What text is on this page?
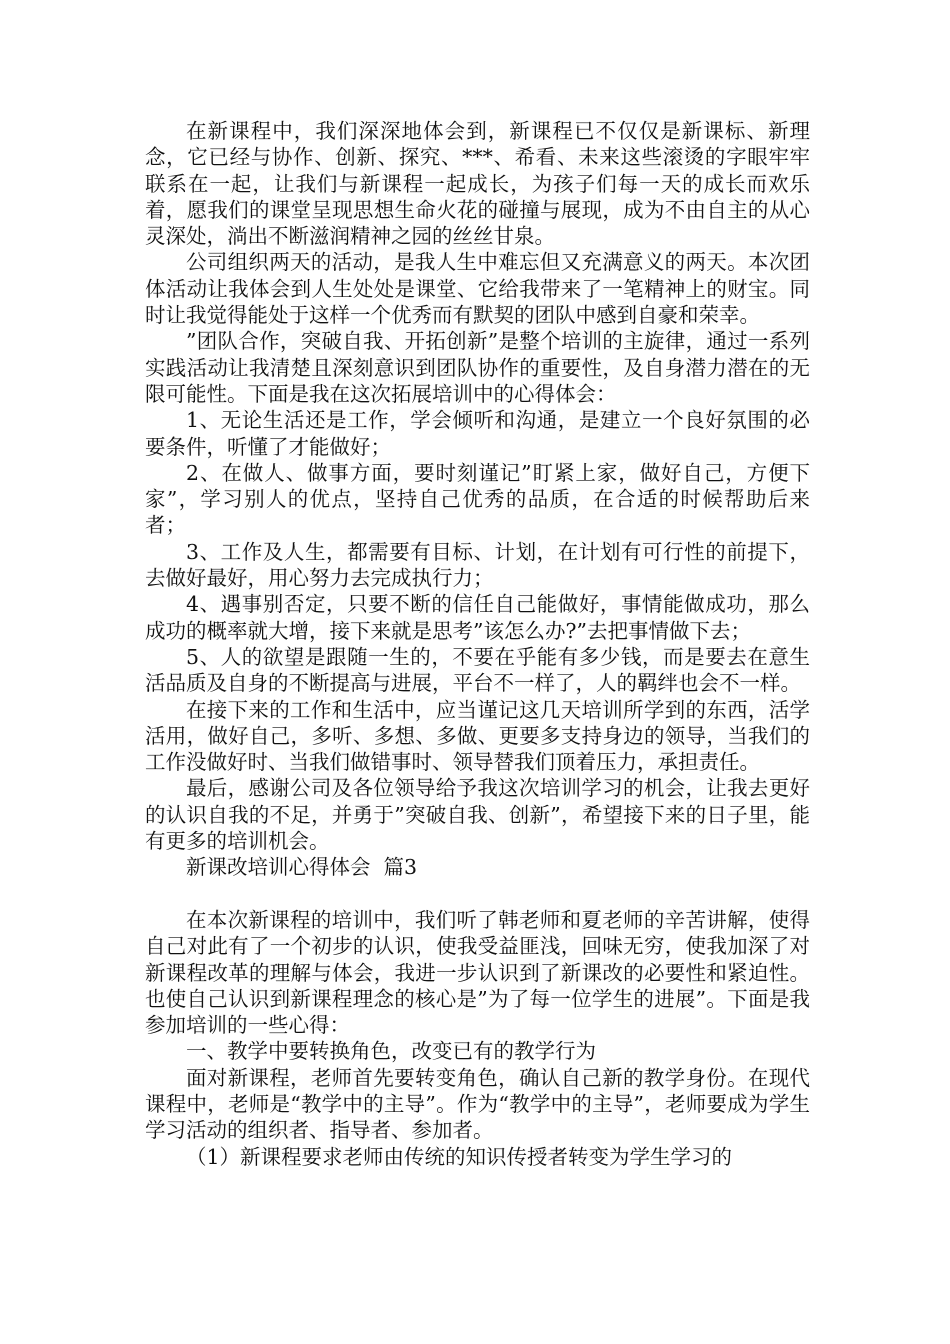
在新课程中，我们深深地体会到，新课程已不仅仅是新课标、新理念，它已经与协作、创新、探究、***、希看、未来这些滚烫的字眼牢牢联系在一起，让我们与新课程一起成长，为孩子们每一天的成长而欢乐着，愿我们的课堂呈现思想生命火花的碰撞与展现，成为不由自主的从心灵深处，淌出不断滋润精神之园的丝丝甘泉。

公司组织两天的活动，是我人生中难忘但又充满意义的两天。本次团体活动让我体会到人生处处是课堂、它给我带来了一笔精神上的财宝。同时让我觉得能处于这样一个优秀而有默契的团队中感到自豪和荣幸。

”团队合作，突破自我、开拓创新”是整个培训的主旋律，通过一系列实践活动让我清楚且深刻意识到团队协作的重要性，及自身潜力潜在的无限可能性。下面是我在这次拓展培训中的心得体会：

1、无论生活还是工作，学会倾听和沟通，是建立一个良好氛围的必要条件，听懂了才能做好；

2、在做人、做事方面，要时刻谨记”盯紧上家，做好自己，方便下家”，学习别人的优点，坚持自己优秀的品质，在合适的时候帮助后来者；

3、工作及人生，都需要有目标、计划，在计划有可行性的前提下，去做好最好，用心努力去完成执行力；

4、遇事别否定，只要不断的信任自己能做好，事情能做成功，那么成功的概率就大增，接下来就是思考”该怎么办?”去把事情做下去；

5、人的欲望是跟随一生的，不要在乎能有多少钱，而是要去在意生活品质及自身的不断提高与进展，平台不一样了，人的羁绊也会不一样。

在接下来的工作和生活中，应当谨记这几天培训所学到的东西，活学活用，做好自己，多听、多想、多做、更要多支持身边的领导，当我们的工作没做好时、当我们做错事时、领导替我们顶着压力，承担责任。

最后，感谢公司及各位领导给予我这次培训学习的机会，让我去更好的认识自我的不足，并勇于”突破自我、创新”，希望接下来的日子里，能有更多的培训机会。

新课改培训心得体会  篇3

在本次新课程的培训中，我们听了韩老师和夏老师的辛苦讲解，使得自己对此有了一个初步的认识，使我受益匪浅，回味无穷，使我加深了对新课程改革的理解与体会，我进一步认识到了新课改的必要性和紧迫性。也使自己认识到新课程理念的核心是”为了每一位学生的进展”。下面是我参加培训的一些心得：

一、教学中要转换角色，改变已有的教学行为

面对新课程，老师首先要转变角色，确认自己新的教学身份。在现代课程中，老师是“教学中的主导”。作为“教学中的主导”，老师要成为学生学习活动的组织者、指导者、参加者。

（1）新课程要求老师由传统的知识传授者转变为学生学习的
